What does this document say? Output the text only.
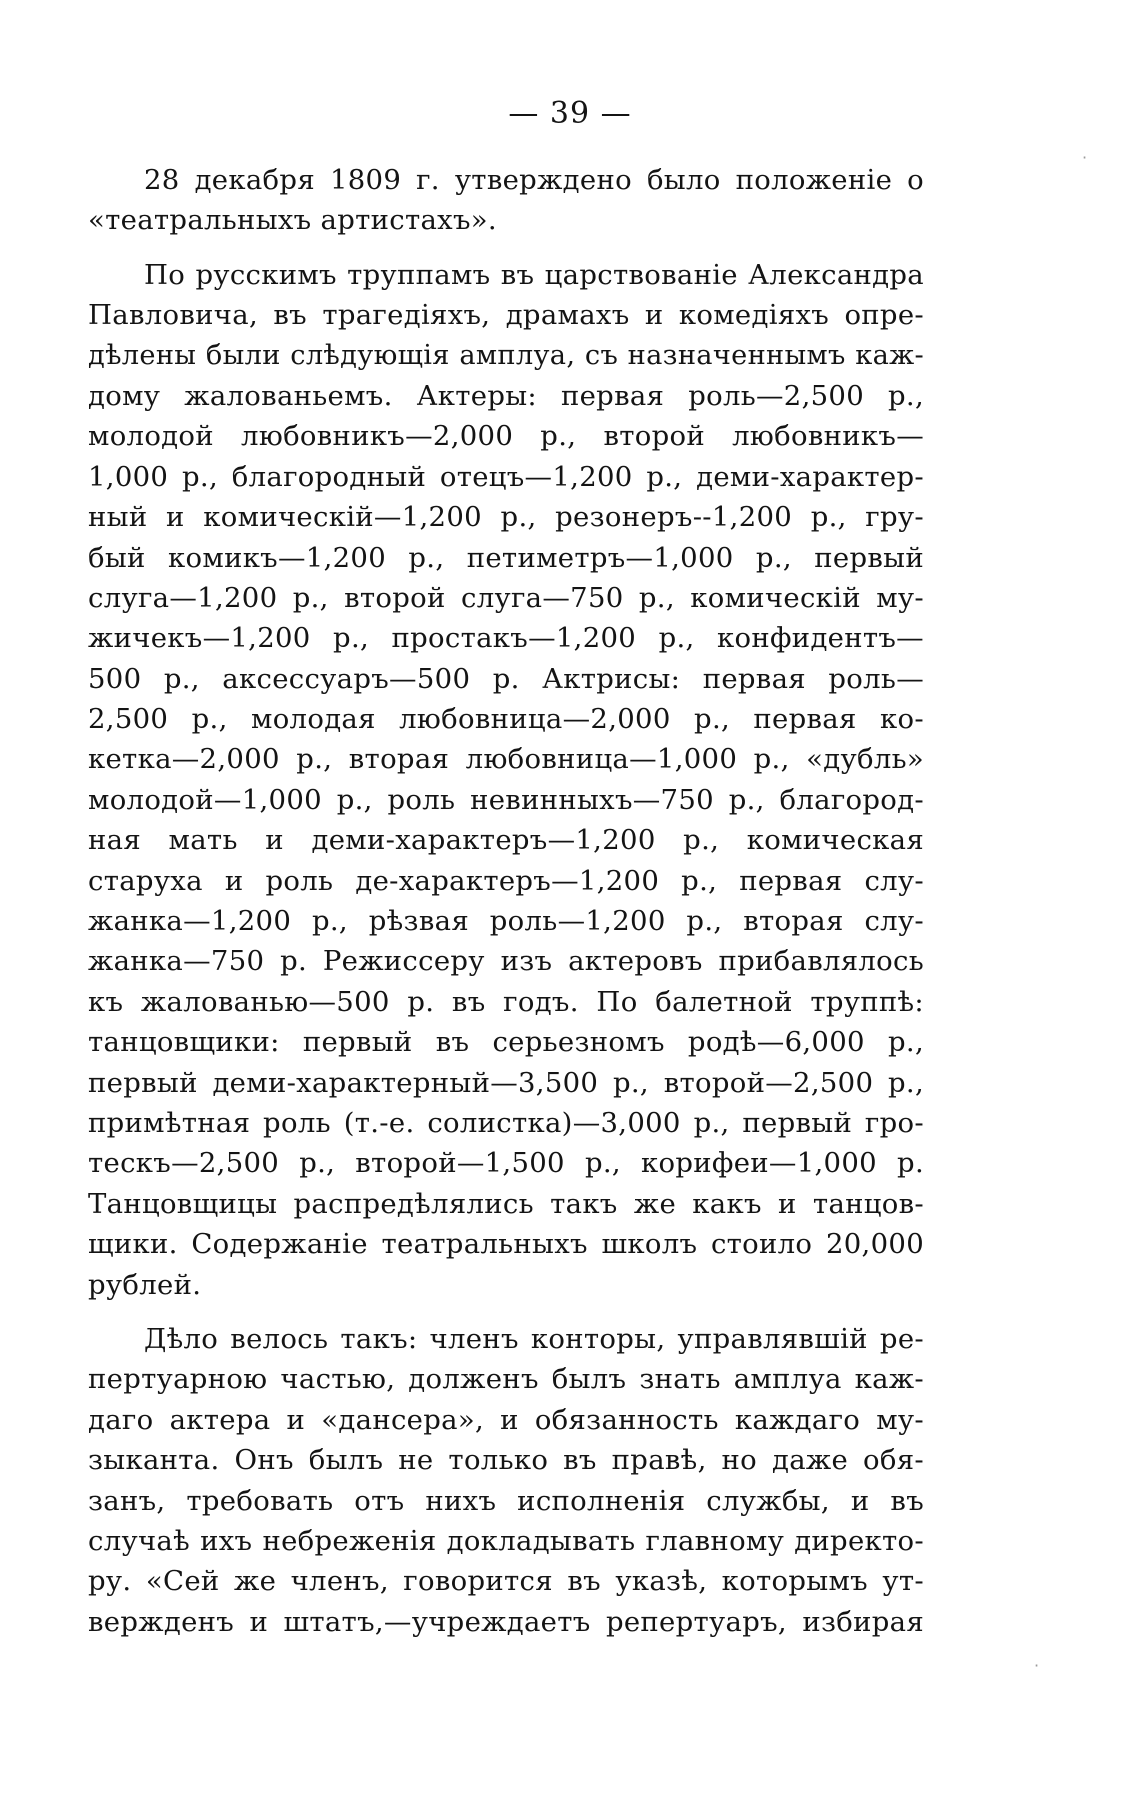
— 39 —
28 декабря 1809 г. утверждено было положенiе о
«театральныхъ артистахъ».
По русскимъ труппамъ въ царствованiе Александра
Павловича, въ трагедiяхъ, драмахъ и комедiяхъ опре-
дѣлены были слѣдующiя амплуа, съ назначеннымъ каж-
дому жалованьемъ. Актеры: первая роль—2,500 р.,
молодой любовникъ—2,000 р., второй любовникъ—
1,000 р., благородный отецъ—1,200 р., деми-характер-
ный и комическiй—1,200 р., резонеръ--1,200 р., гру-
бый комикъ—1,200 р., петиметръ—1,000 р., первый
слуга—1,200 р., второй слуга—750 р., комическiй му-
жичекъ—1,200 р., простакъ—1,200 р., конфидентъ—
500 р., аксессуаръ—500 р. Актрисы: первая роль—
2,500 р., молодая любовница—2,000 р., первая ко-
кетка—2,000 р., вторая любовница—1,000 р., «дубль»
молодой—1,000 р., роль невинныхъ—750 р., благород-
ная мать и деми-характеръ—1,200 р., комическая
старуха и роль де-характеръ—1,200 р., первая слу-
жанка—1,200 р., рѣзвая роль—1,200 р., вторая слу-
жанка—750 р. Режиссеру изъ актеровъ прибавлялось
къ жалованью—500 р. въ годъ. По балетной труппѣ:
танцовщики: первый въ серьезномъ родѣ—6,000 р.,
первый деми-характерный—3,500 р., второй—2,500 р.,
примѣтная роль (т.-е. солистка)—3,000 р., первый гро-
тескъ—2,500 р., второй—1,500 р., корифеи—1,000 р.
Танцовщицы распредѣлялись такъ же какъ и танцов-
щики. Содержанiе театральныхъ школъ стоило 20,000
рублей.
Дѣло велось такъ: членъ конторы, управлявшiй ре-
пертуарною частью, долженъ былъ знать амплуа каж-
даго актера и «дансера», и обязанность каждаго му-
зыканта. Онъ былъ не только въ правѣ, но даже обя-
занъ, требовать отъ нихъ исполненiя службы, и въ
случаѣ ихъ небреженiя докладывать главному директо-
ру. «Сей же членъ, говорится въ указѣ, которымъ ут-
вержденъ и штатъ,—учреждаетъ репертуаръ, избирая
·
·
